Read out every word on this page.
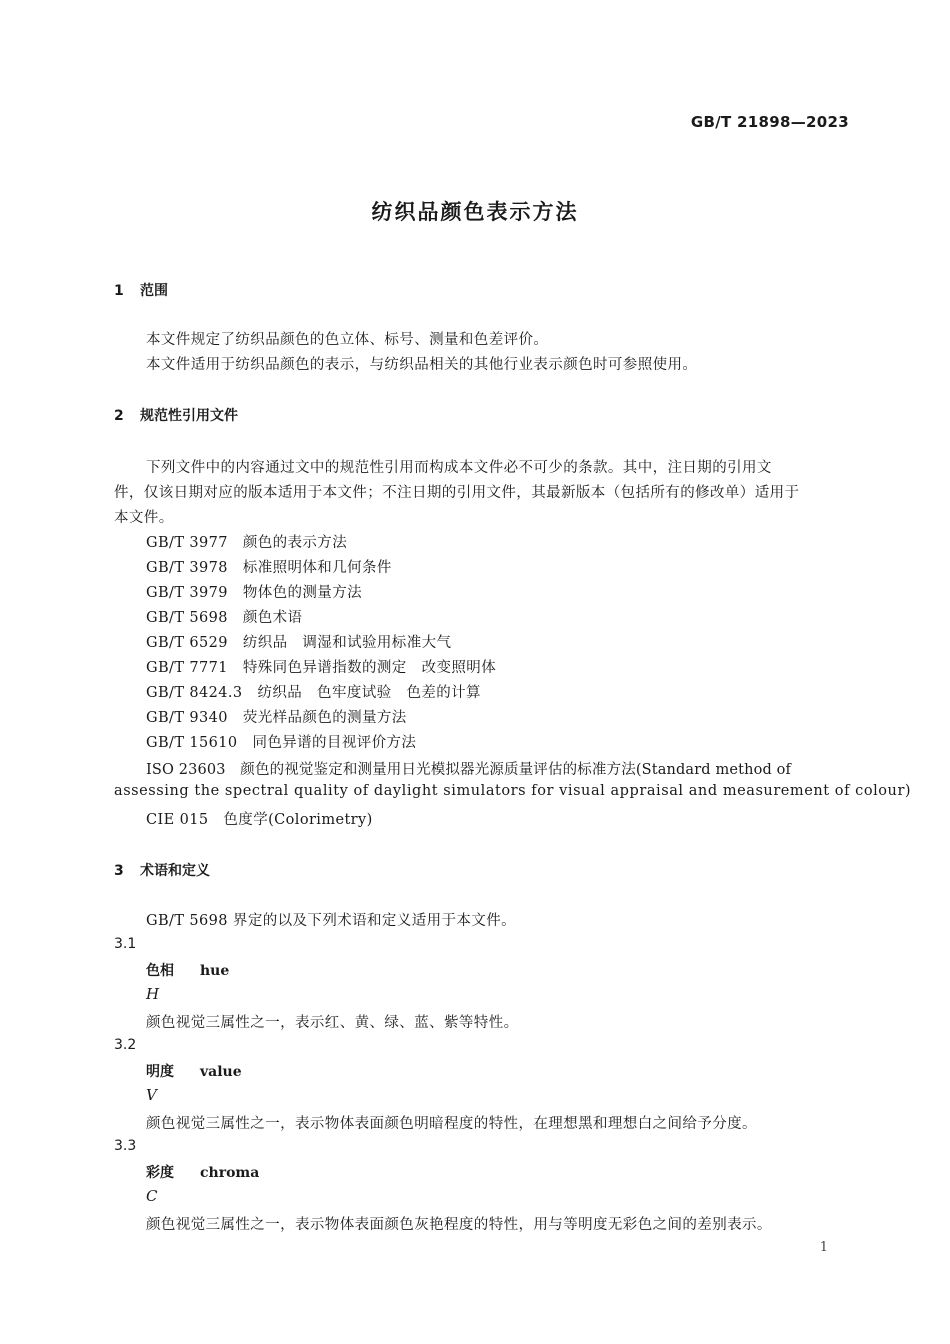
GB/T 21898—2023
纺织品颜色表示方法
1 范围
本文件规定了纺织品颜色的色立体、标号、测量和色差评价。
本文件适用于纺织品颜色的表示，与纺织品相关的其他行业表示颜色时可参照使用。
2 规范性引用文件
下列文件中的内容通过文中的规范性引用而构成本文件必不可少的条款。其中，注日期的引用文
件，仅该日期对应的版本适用于本文件；不注日期的引用文件，其最新版本（包括所有的修改单）适用于
本文件。
GB/T 3977　 颜色的表示方法
GB/T 3978　 标准照明体和几何条件
GB/T 3979　 物体色的测量方法
GB/T 5698　 颜色术语
GB/T 6529　 纺织品　调湿和试验用标准大气
GB/T 7771　 特殊同色异谱指数的测定　改变照明体
GB/T 8424.3　 纺织品　色牢度试验　色差的计算
GB/T 9340　 荧光样品颜色的测量方法
GB/T 15610　 同色异谱的目视评价方法
ISO 23603　 颜色的视觉鉴定和测量用日光模拟器光源质量评估的标准方法(Standard method of
assessing the spectral quality of daylight simulators for visual appraisal and measurement of colour)
CIE 015　 色度学(Colorimetry)
3 术语和定义
GB/T 5698 界定的以及下列术语和定义适用于本文件。
3.1
色相 hue
H
颜色视觉三属性之一，表示红、黄、绿、蓝、紫等特性。
3.2
明度 value
V
颜色视觉三属性之一，表示物体表面颜色明暗程度的特性，在理想黑和理想白之间给予分度。
3.3
彩度 chroma
C
颜色视觉三属性之一，表示物体表面颜色灰艳程度的特性，用与等明度无彩色之间的差别表示。
1
